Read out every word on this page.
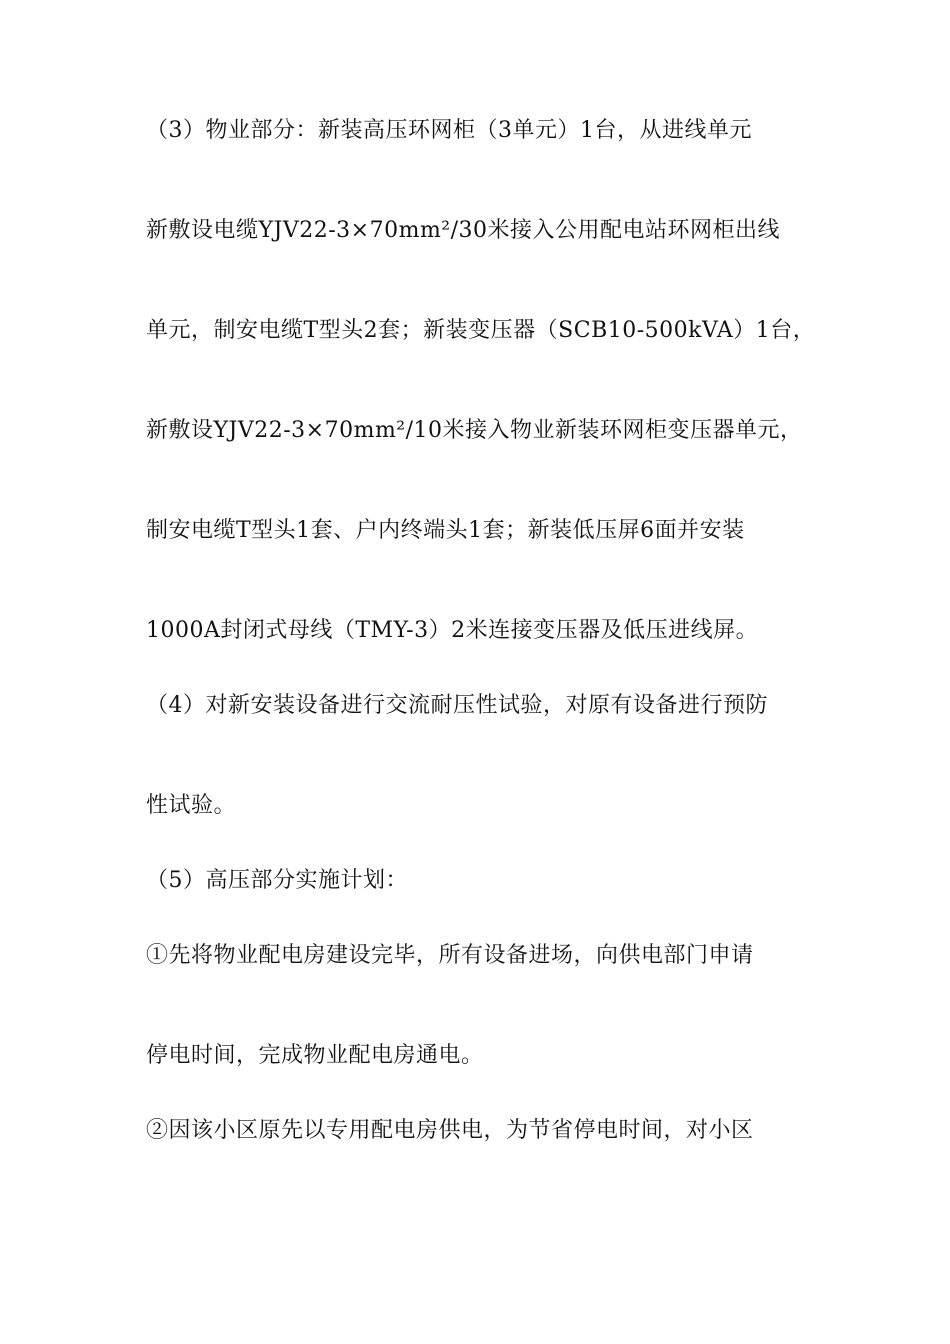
（3）物业部分：新装高压环网柜（3单元）1台，从进线单元
新敷设电缆YJV22-3×70mm²/30米接入公用配电站环网柜出线
单元，制安电缆T型头2套；新装变压器（SCB10-500kVA）1台，
新敷设YJV22-3×70mm²/10米接入物业新装环网柜变压器单元，
制安电缆T型头1套、户内终端头1套；新装低压屏6面并安装
1000A封闭式母线（TMY-3）2米连接变压器及低压进线屏。
（4）对新安装设备进行交流耐压性试验，对原有设备进行预防
性试验。
（5）高压部分实施计划：
①先将物业配电房建设完毕，所有设备进场，向供电部门申请
停电时间，完成物业配电房通电。
②因该小区原先以专用配电房供电，为节省停电时间，对小区
